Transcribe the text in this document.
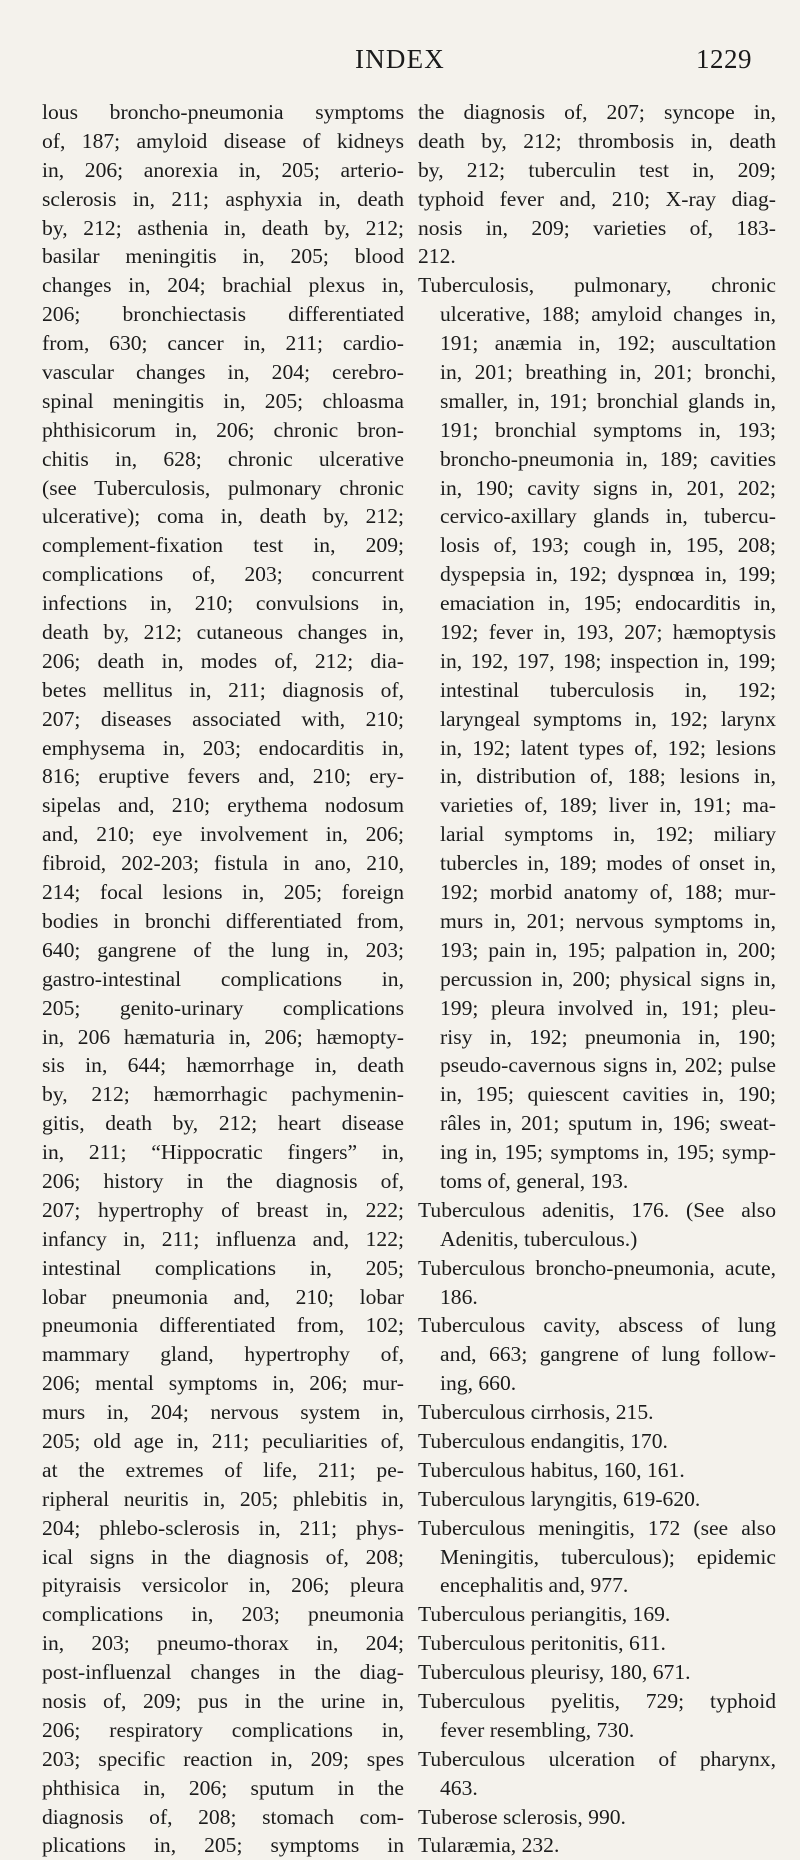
INDEX	1229
lous broncho-pneumonia symptoms
of, 187; amyloid disease of kidneys
in, 206; anorexia in, 205; arterio-
sclerosis in, 211; asphyxia in, death
by, 212; asthenia in, death by, 212;
basilar meningitis in, 205; blood
changes in, 204; brachial plexus in,
206; bronchiectasis differentiated
from, 630; cancer in, 211; cardio-
vascular changes in, 204; cerebro-
spinal meningitis in, 205; chloasma
phthisicorum in, 206; chronic bron-
chitis in, 628; chronic ulcerative
(see Tuberculosis, pulmonary chronic
ulcerative); coma in, death by, 212;
complement-fixation test in, 209;
complications of, 203; concurrent
infections in, 210; convulsions in,
death by, 212; cutaneous changes in,
206; death in, modes of, 212; dia-
betes mellitus in, 211; diagnosis of,
207; diseases associated with, 210;
emphysema in, 203; endocarditis in,
816; eruptive fevers and, 210; ery-
sipelas and, 210; erythema nodosum
and, 210; eye involvement in, 206;
fibroid, 202-203; fistula in ano, 210,
214; focal lesions in, 205; foreign
bodies in bronchi differentiated from,
640; gangrene of the lung in, 203;
gastro-intestinal complications in,
205; genito-urinary complications
in, 206 hæmaturia in, 206; hæmopty-
sis in, 644; hæmorrhage in, death
by, 212; hæmorrhagic pachymenin-
gitis, death by, 212; heart disease
in, 211; “Hippocratic fingers” in,
206; history in the diagnosis of,
207; hypertrophy of breast in, 222;
infancy in, 211; influenza and, 122;
intestinal complications in, 205;
lobar pneumonia and, 210; lobar
pneumonia differentiated from, 102;
mammary gland, hypertrophy of,
206; mental symptoms in, 206; mur-
murs in, 204; nervous system in,
205; old age in, 211; peculiarities of,
at the extremes of life, 211; pe-
ripheral neuritis in, 205; phlebitis in,
204; phlebo-sclerosis in, 211; phys-
ical signs in the diagnosis of, 208;
pityraisis versicolor in, 206; pleura
complications in, 203; pneumonia
in, 203; pneumo-thorax in, 204;
post-influenzal changes in the diag-
nosis of, 209; pus in the urine in,
206; respiratory complications in,
203; specific reaction in, 209; spes
phthisica in, 206; sputum in the
diagnosis of, 208; stomach com-
plications in, 205; symptoms in
the diagnosis of, 207; syncope in,
death by, 212; thrombosis in, death
by, 212; tuberculin test in, 209;
typhoid fever and, 210; X-ray diag-
nosis in, 209; varieties of, 183-
212.
Tuberculosis, pulmonary, chronic
ulcerative, 188; amyloid changes in,
191; anæmia in, 192; auscultation
in, 201; breathing in, 201; bronchi,
smaller, in, 191; bronchial glands in,
191; bronchial symptoms in, 193;
broncho-pneumonia in, 189; cavities
in, 190; cavity signs in, 201, 202;
cervico-axillary glands in, tubercu-
losis of, 193; cough in, 195, 208;
dyspepsia in, 192; dyspnœa in, 199;
emaciation in, 195; endocarditis in,
192; fever in, 193, 207; hæmoptysis
in, 192, 197, 198; inspection in, 199;
intestinal tuberculosis in, 192;
laryngeal symptoms in, 192; larynx
in, 192; latent types of, 192; lesions
in, distribution of, 188; lesions in,
varieties of, 189; liver in, 191; ma-
larial symptoms in, 192; miliary
tubercles in, 189; modes of onset in,
192; morbid anatomy of, 188; mur-
murs in, 201; nervous symptoms in,
193; pain in, 195; palpation in, 200;
percussion in, 200; physical signs in,
199; pleura involved in, 191; pleu-
risy in, 192; pneumonia in, 190;
pseudo-cavernous signs in, 202; pulse
in, 195; quiescent cavities in, 190;
râles in, 201; sputum in, 196; sweat-
ing in, 195; symptoms in, 195; symp-
toms of, general, 193.
Tuberculous adenitis, 176. (See also
Adenitis, tuberculous.)
Tuberculous broncho-pneumonia, acute,
186.
Tuberculous cavity, abscess of lung
and, 663; gangrene of lung follow-
ing, 660.
Tuberculous cirrhosis, 215.
Tuberculous endangitis, 170.
Tuberculous habitus, 160, 161.
Tuberculous laryngitis, 619-620.
Tuberculous meningitis, 172 (see also
Meningitis, tuberculous); epidemic
encephalitis and, 977.
Tuberculous periangitis, 169.
Tuberculous peritonitis, 611.
Tuberculous pleurisy, 180, 671.
Tuberculous pyelitis, 729; typhoid
fever resembling, 730.
Tuberculous ulceration of pharynx,
463.
Tuberose sclerosis, 990.
Tularæmia, 232.
